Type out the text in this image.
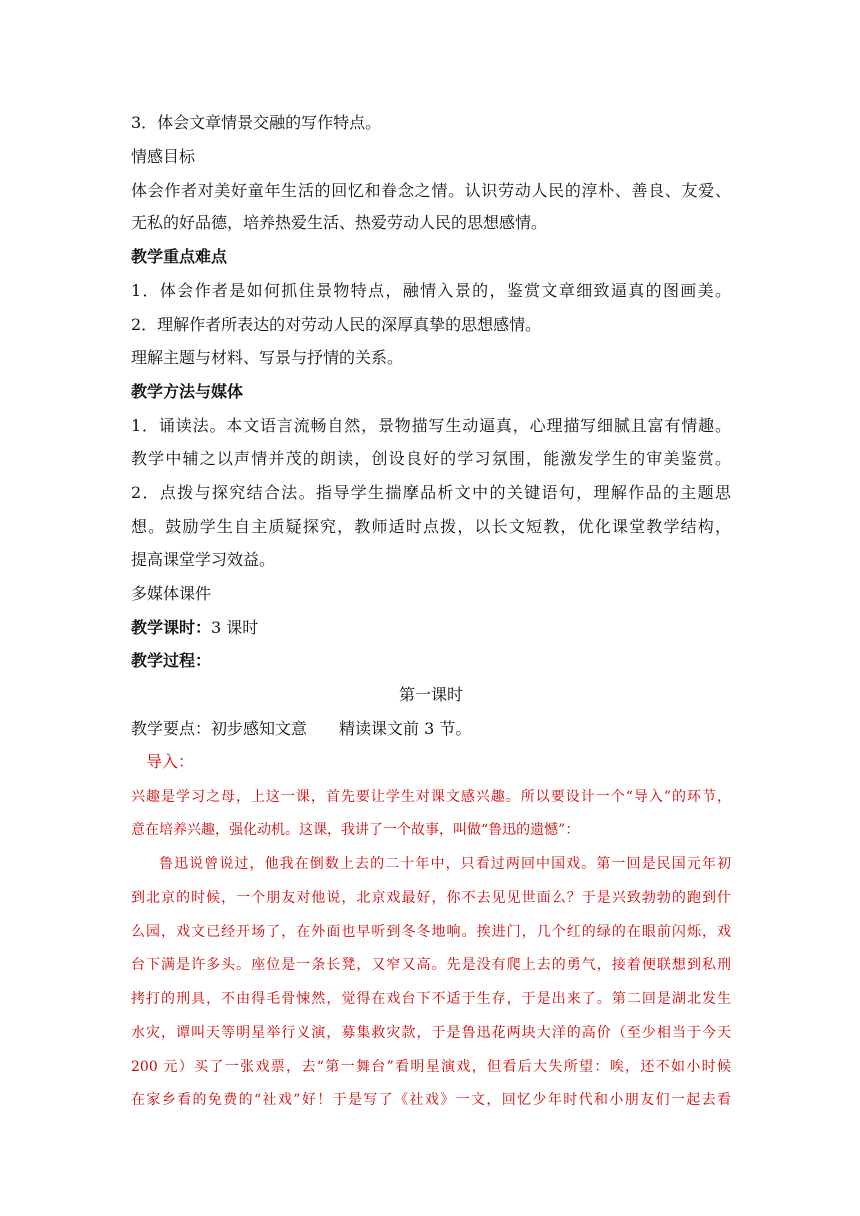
3．体会文章情景交融的写作特点。
情感目标
体会作者对美好童年生活的回忆和眷念之情。认识劳动人民的淳朴、善良、友爱、
无私的好品德，培养热爱生活、热爱劳动人民的思想感情。
教学重点难点
1．体会作者是如何抓住景物特点，融情入景的，鉴赏文章细致逼真的图画美。
2．理解作者所表达的对劳动人民的深厚真挚的思想感情。
理解主题与材料、写景与抒情的关系。
教学方法与媒体
1．诵读法。本文语言流畅自然，景物描写生动逼真，心理描写细腻且富有情趣。
教学中辅之以声情并茂的朗读，创设良好的学习氛围，能激发学生的审美鉴赏。
2．点拨与探究结合法。指导学生揣摩品析文中的关键语句，理解作品的主题思
想。鼓励学生自主质疑探究，教师适时点拨，以长文短教，优化课堂教学结构，
提高课堂学习效益。
多媒体课件
教学课时：3 课时
教学过程：
第一课时
教学要点：初步感知文意　　精读课文前 3 节。
导入：
兴趣是学习之母，上这一课，首先要让学生对课文感兴趣。所以要设计一个“导入”的环节，
意在培养兴趣，强化动机。这课，我讲了一个故事，叫做“鲁迅的遗憾”：
鲁迅说曾说过，他我在倒数上去的二十年中，只看过两回中国戏。第一回是民国元年初
到北京的时候，一个朋友对他说，北京戏最好，你不去见见世面么？于是兴致勃勃的跑到什
么园，戏文已经开场了，在外面也早听到冬冬地响。挨进门，几个红的绿的在眼前闪烁，戏
台下满是许多头。座位是一条长凳，又窄又高。先是没有爬上去的勇气，接着便联想到私刑
拷打的刑具，不由得毛骨悚然，觉得在戏台下不适于生存，于是出来了。第二回是湖北发生
水灾，谭叫天等明星举行义演，募集救灾款，于是鲁迅花两块大洋的高价（至少相当于今天
200 元）买了一张戏票，去“第一舞台”看明星演戏，但看后大失所望：唉，还不如小时候
在家乡看的免费的“社戏”好！于是写了《社戏》一文，回忆少年时代和小朋友们一起去看
